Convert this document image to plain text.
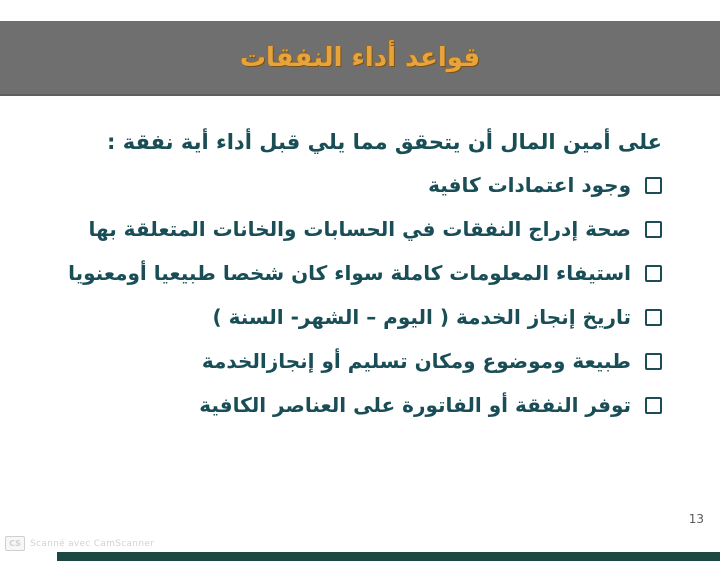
قواعد أداء النفقات

على أمين المال أن يتحقق مما يلي قبل أداء أية نفقة :

وجود اعتمادات كافية
صحة إدراج النفقات في الحسابات والخانات المتعلقة بها
استيفاء المعلومات كاملة سواء كان شخصا طبيعيا أومعنويا
تاريخ إنجاز الخدمة ( اليوم – الشهر- السنة )
طبيعة وموضوع ومكان تسليم أو إنجازالخدمة
توفر النفقة أو الفاتورة على العناصر الكافية
13
CS	Scanné avec CamScanner
